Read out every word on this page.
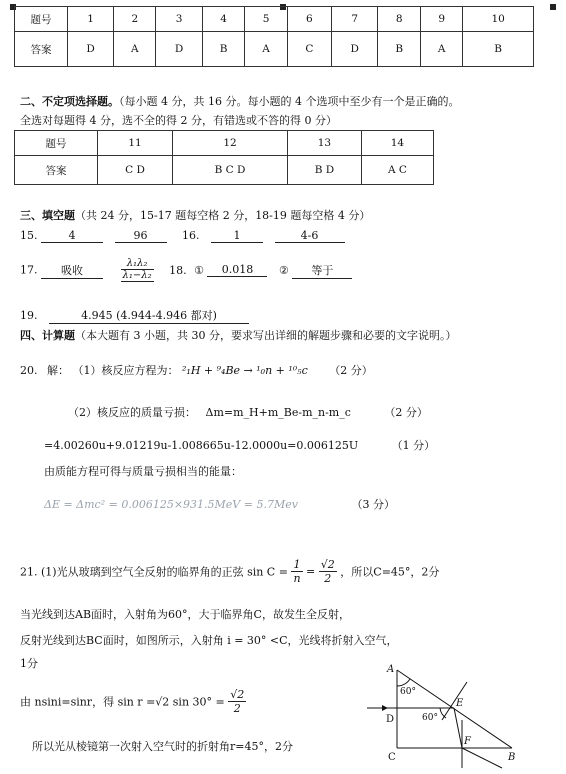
题号	1	2	3	4	5	6	7	8	9	10
答案	D	A	D	B	A	C	D	B	A	B
二、不定项选择题。（每小题 4 分，共 16 分。每小题的 4 个选项中至少有一个是正确的。
全选对每题得 4 分，选不全的得 2 分，有错选或不答的得 0 分）
题号	11	12	13	14
答案	C D	B C D	B D	A C
三、填空题（共 24 分，15-17 题每空格 2 分，18-19 题每空格 4 分）
15.	4	96	16.	1	4-6
17. 吸收	$\frac{\text{λ₁λ₂}}{\text{λ₁−λ₂}} 18$. ① 0.018 ② 等于
19.	4.945 (4.944-4.946 都对)
四、计算题（本大题有 3 小题，共 30 分，要求写出详细的解题步骤和必要的文字说明。）
20. 解： （1）核反应方程为： ²₁H + ⁹₄Be → ¹₀n + ¹⁰₅c （2 分）
（2）核反应的质量亏损： Δm=m_H+m_Be-m_n-m_c	（2 分）
=4.00260u+9.01219u-1.008665u-12.0000u=0.006125U	（1 分）
由质能方程可得与质量亏损相当的能量：
ΔE = Δmc² = 0.006125×931.5MeV = 5.7Mev	（3 分）
21. (1)光从玻璃到空气全反射的临界角的正弦 $\sin C = \frac{1}{n} = \frac{√2}{2}$ ，所以C=45°，2分
当光线到达AB面时，入射角为60°，大于临界角C，故发生全反射，
反射光线到达BC面时，如图所示，入射角 i = 30° <C，光线将折射入空气，
1分
由 nsini=sinr，得 sin r =√2 $\sin 30^\circ = \frac{√2}{2}$
所以光从棱镜第一次射入空气时的折射角r=45°，2分
A
D
C
E
F
B
60°
60°
